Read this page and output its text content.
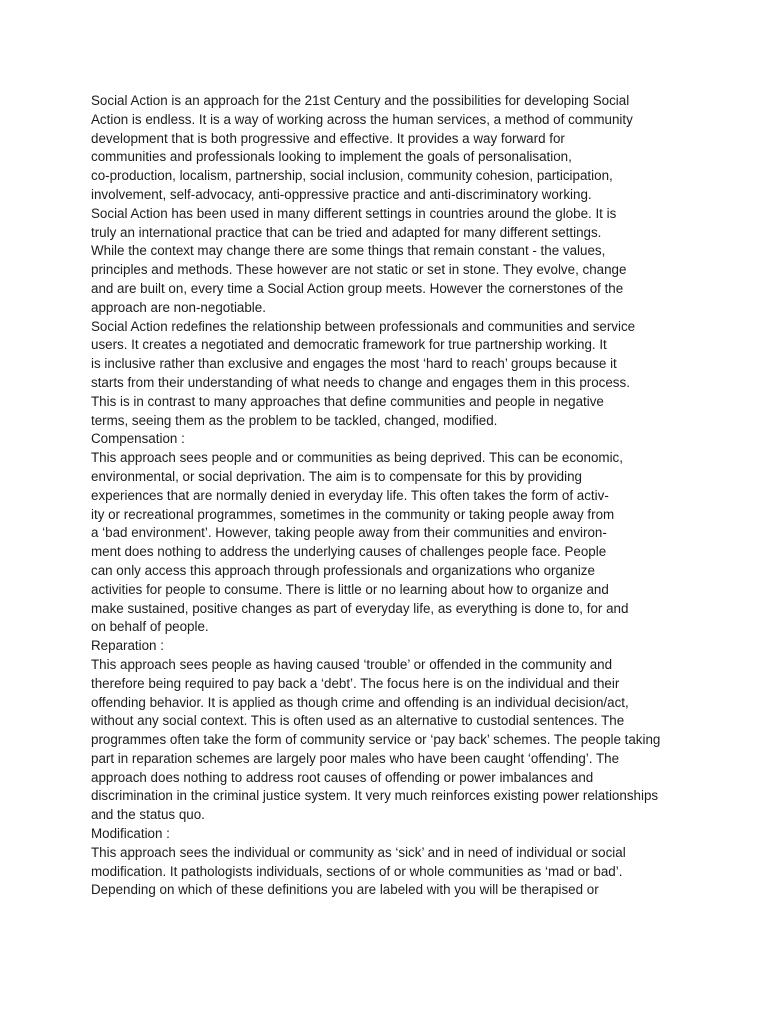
Social Action is an approach for the 21st Century and the possibilities for developing Social
Action is endless. It is a way of working across the human services, a method of community
development that is both progressive and effective. It provides a way forward for
communities and professionals looking to implement the goals of personalisation,
co-production, localism, partnership, social inclusion, community cohesion, participation,
involvement, self-advocacy, anti-oppressive practice and anti-discriminatory working.
Social Action has been used in many different settings in countries around the globe. It is
truly an international practice that can be tried and adapted for many different settings.
While the context may change there are some things that remain constant - the values,
principles and methods. These however are not static or set in stone. They evolve, change
and are built on, every time a Social Action group meets. However the cornerstones of the
approach are non-negotiable.
Social Action redefines the relationship between professionals and communities and service
users. It creates a negotiated and democratic framework for true partnership working. It
is inclusive rather than exclusive and engages the most ‘hard to reach’ groups because it
starts from their understanding of what needs to change and engages them in this process.
This is in contrast to many approaches that define communities and people in negative
terms, seeing them as the problem to be tackled, changed, modified.
Compensation :
This approach sees people and or communities as being deprived. This can be economic,
environmental, or social deprivation. The aim is to compensate for this by providing
experiences that are normally denied in everyday life. This often takes the form of activ-
ity or recreational programmes, sometimes in the community or taking people away from
a ‘bad environment’. However, taking people away from their communities and environ-
ment does nothing to address the underlying causes of challenges people face. People
can only access this approach through professionals and organizations who organize
activities for people to consume. There is little or no learning about how to organize and
make sustained, positive changes as part of everyday life, as everything is done to, for and
on behalf of people.
Reparation :
This approach sees people as having caused ‘trouble’ or offended in the community and
therefore being required to pay back a ‘debt’. The focus here is on the individual and their
offending behavior. It is applied as though crime and offending is an individual decision/act,
without any social context. This is often used as an alternative to custodial sentences. The
programmes often take the form of community service or ‘pay back’ schemes. The people taking
part in reparation schemes are largely poor males who have been caught ‘offending’. The
approach does nothing to address root causes of offending or power imbalances and
discrimination in the criminal justice system. It very much reinforces existing power relationships
and the status quo.
Modification :
This approach sees the individual or community as ‘sick’ and in need of individual or social
modification. It pathologists individuals, sections of or whole communities as ‘mad or bad’.
Depending on which of these definitions you are labeled with you will be therapised or
